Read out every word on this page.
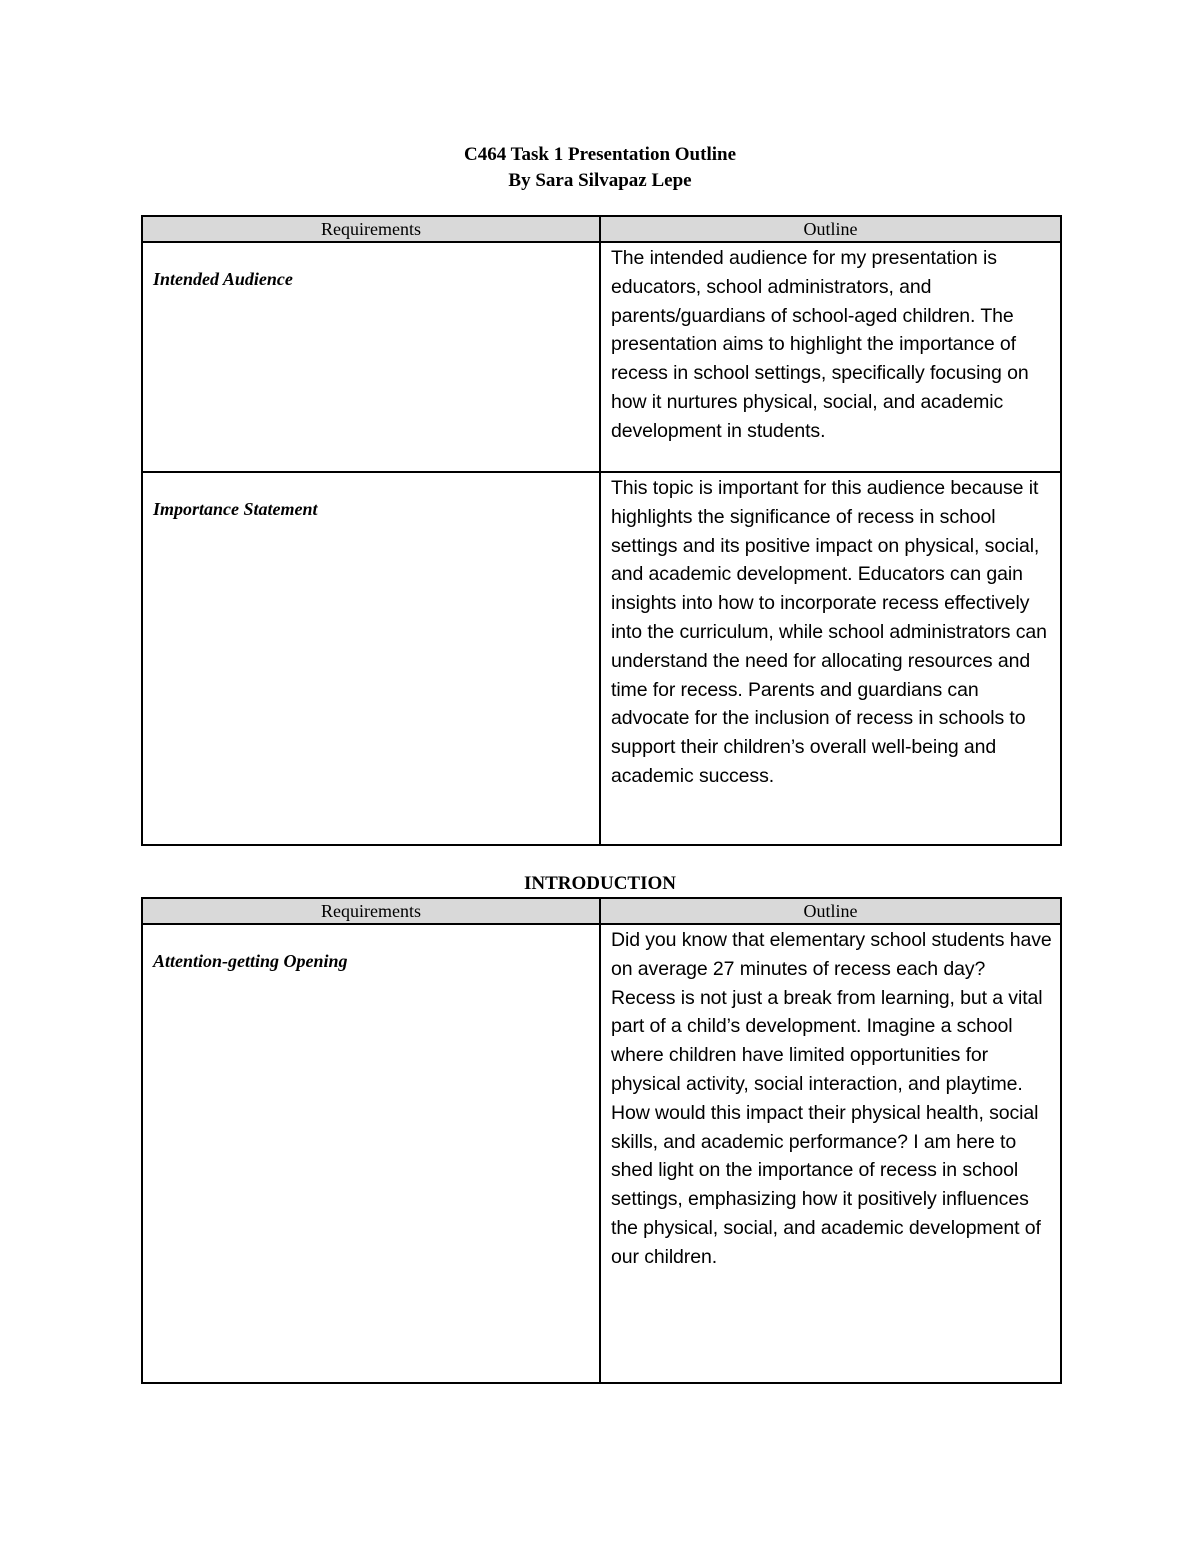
C464 Task 1 Presentation Outline
By Sara Silvapaz Lepe
Requirements	Outline

Intended Audience	The intended audience for my presentation is educators, school administrators, and parents/guardians of school-aged children. The presentation aims to highlight the importance of recess in school settings, specifically focusing on how it nurtures physical, social, and academic development in students.

Importance Statement	This topic is important for this audience because it highlights the significance of recess in school settings and its positive impact on physical, social, and academic development. Educators can gain insights into how to incorporate recess effectively into the curriculum, while school administrators can understand the need for allocating resources and time for recess. Parents and guardians can advocate for the inclusion of recess in schools to support their children’s overall well-being and academic success.
INTRODUCTION
Requirements	Outline

Attention-getting Opening	Did you know that elementary school students have on average 27 minutes of recess each day? Recess is not just a break from learning, but a vital part of a child’s development. Imagine a school where children have limited opportunities for physical activity, social interaction, and playtime. How would this impact their physical health, social skills, and academic performance? I am here to shed light on the importance of recess in school settings, emphasizing how it positively influences the physical, social, and academic development of our children.
